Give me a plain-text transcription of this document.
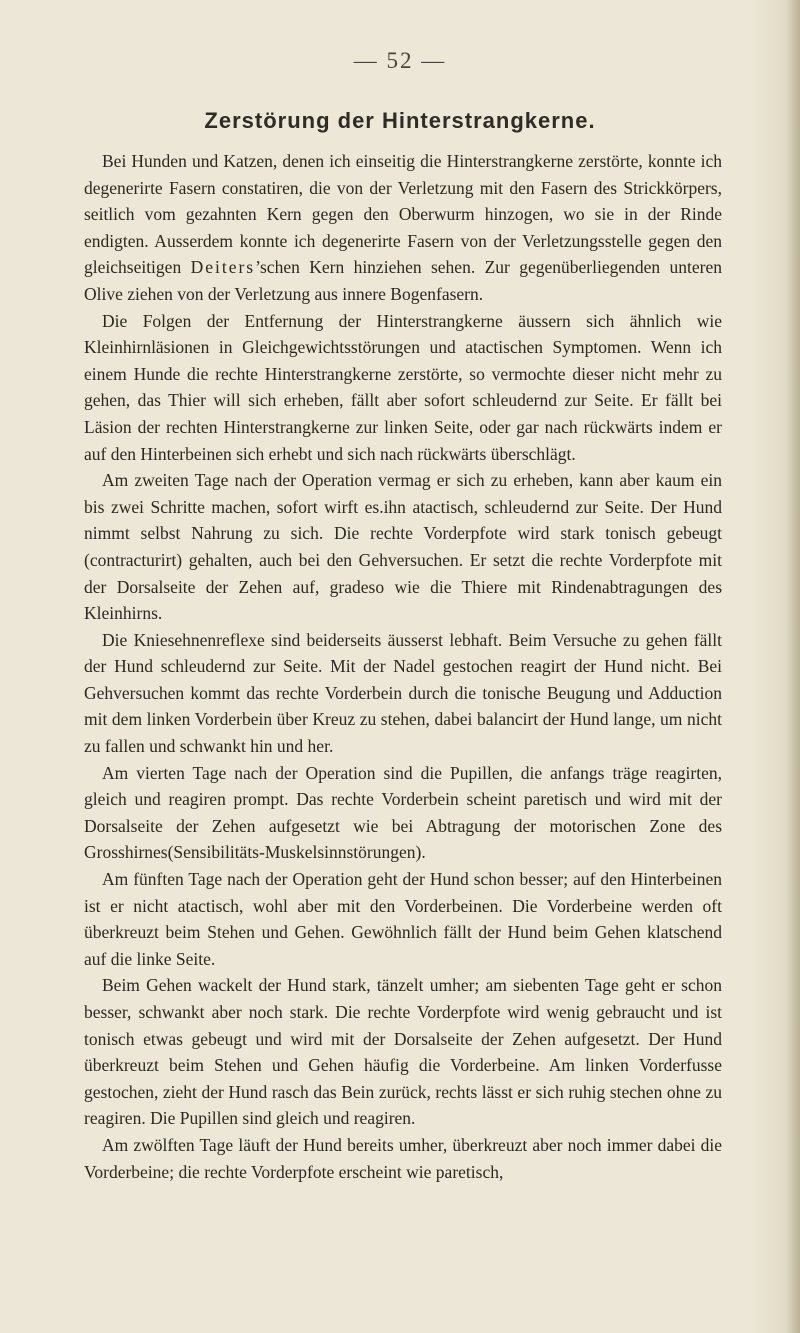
— 52 —
Zerstörung der Hinterstrangkerne.

Bei Hunden und Katzen, denen ich einseitig die Hinterstrangkerne zerstörte, konnte ich degenerirte Fasern constatiren, die von der Verletzung mit den Fasern des Strickkörpers, seitlich vom gezahnten Kern gegen den Oberwurm hinzogen, wo sie in der Rinde endigten. Ausserdem konnte ich degenerirte Fasern von der Verletzungsstelle gegen den gleichseitigen Deiters’schen Kern hinziehen sehen. Zur gegenüberliegenden unteren Olive ziehen von der Verletzung aus innere Bogenfasern.

Die Folgen der Entfernung der Hinterstrangkerne äussern sich ähnlich wie Kleinhirnläsionen in Gleichgewichtsstörungen und atactischen Symptomen. Wenn ich einem Hunde die rechte Hinterstrangkerne zerstörte, so vermochte dieser nicht mehr zu gehen, das Thier will sich erheben, fällt aber sofort schleudernd zur Seite. Er fällt bei Läsion der rechten Hinterstrangkerne zur linken Seite, oder gar nach rückwärts indem er auf den Hinterbeinen sich erhebt und sich nach rückwärts überschlägt.

Am zweiten Tage nach der Operation vermag er sich zu erheben, kann aber kaum ein bis zwei Schritte machen, sofort wirft es.ihn atactisch, schleudernd zur Seite. Der Hund nimmt selbst Nahrung zu sich. Die rechte Vorderpfote wird stark tonisch gebeugt (contracturirt) gehalten, auch bei den Gehversuchen. Er setzt die rechte Vorderpfote mit der Dorsalseite der Zehen auf, gradeso wie die Thiere mit Rindenabtragungen des Kleinhirns.

Die Kniesehnenreflexe sind beiderseits äusserst lebhaft. Beim Versuche zu gehen fällt der Hund schleudernd zur Seite. Mit der Nadel gestochen reagirt der Hund nicht. Bei Gehversuchen kommt das rechte Vorderbein durch die tonische Beugung und Adduction mit dem linken Vorderbein über Kreuz zu stehen, dabei balancirt der Hund lange, um nicht zu fallen und schwankt hin und her.

Am vierten Tage nach der Operation sind die Pupillen, die anfangs träge reagirten, gleich und reagiren prompt. Das rechte Vorderbein scheint paretisch und wird mit der Dorsalseite der Zehen aufgesetzt wie bei Abtragung der motorischen Zone des Grosshirnes(Sensibilitäts-Muskelsinnstörungen).

Am fünften Tage nach der Operation geht der Hund schon besser; auf den Hinterbeinen ist er nicht atactisch, wohl aber mit den Vorderbeinen. Die Vorderbeine werden oft überkreuzt beim Stehen und Gehen. Gewöhnlich fällt der Hund beim Gehen klatschend auf die linke Seite.

Beim Gehen wackelt der Hund stark, tänzelt umher; am siebenten Tage geht er schon besser, schwankt aber noch stark. Die rechte Vorderpfote wird wenig gebraucht und ist tonisch etwas gebeugt und wird mit der Dorsalseite der Zehen aufgesetzt. Der Hund überkreuzt beim Stehen und Gehen häufig die Vorderbeine. Am linken Vorderfusse gestochen, zieht der Hund rasch das Bein zurück, rechts lässt er sich ruhig stechen ohne zu reagiren. Die Pupillen sind gleich und reagiren.

Am zwölften Tage läuft der Hund bereits umher, überkreuzt aber noch immer dabei die Vorderbeine; die rechte Vorderpfote erscheint wie paretisch,
